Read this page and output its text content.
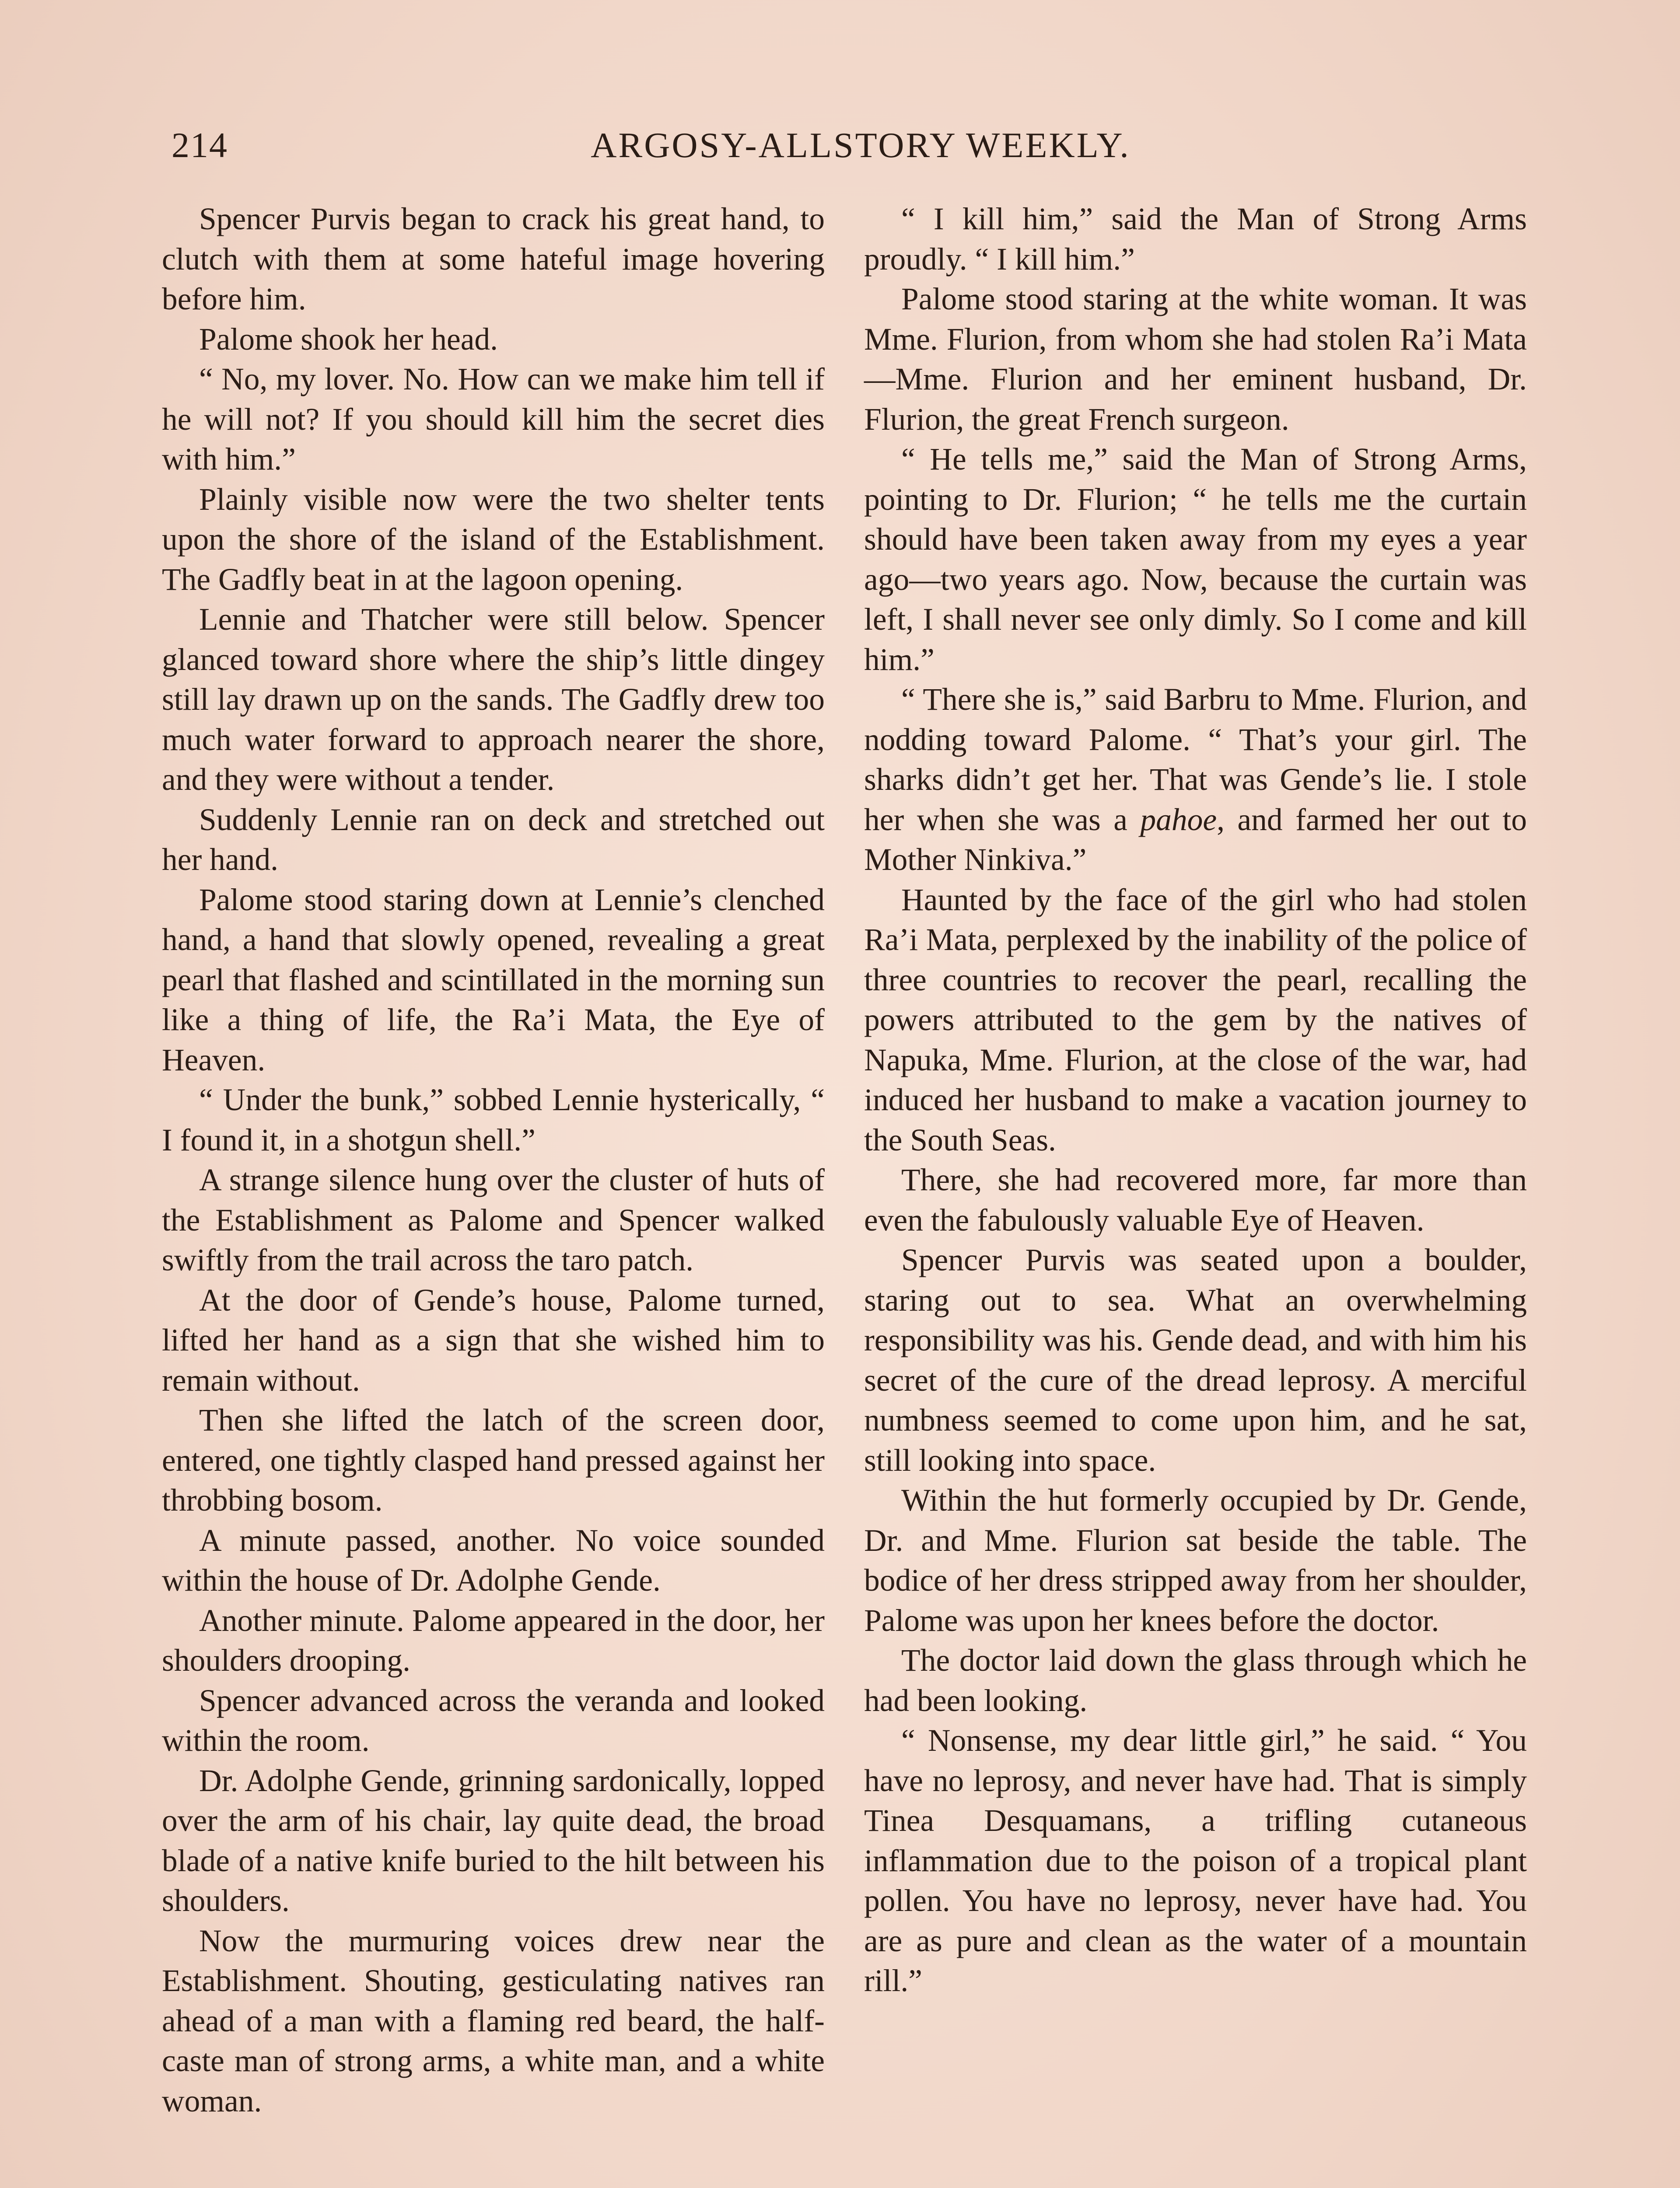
214	ARGOSY-ALLSTORY WEEKLY.

Spencer Purvis began to crack his great hand, to clutch with them at some hateful image hovering before him.

Palome shook her head.

“ No, my lover. No. How can we make him tell if he will not? If you should kill him the secret dies with him.”

Plainly visible now were the two shelter tents upon the shore of the island of the Establishment. The Gadfly beat in at the lagoon opening.

Lennie and Thatcher were still below. Spencer glanced toward shore where the ship’s little dingey still lay drawn up on the sands. The Gadfly drew too much water forward to approach nearer the shore, and they were without a tender.

Suddenly Lennie ran on deck and stretched out her hand.

Palome stood staring down at Lennie’s clenched hand, a hand that slowly opened, revealing a great pearl that flashed and scintillated in the morning sun like a thing of life, the Ra’i Mata, the Eye of Heaven.

“ Under the bunk,” sobbed Lennie hysterically, “ I found it, in a shotgun shell.”

A strange silence hung over the cluster of huts of the Establishment as Palome and Spencer walked swiftly from the trail across the taro patch.

At the door of Gende’s house, Palome turned, lifted her hand as a sign that she wished him to remain without.

Then she lifted the latch of the screen door, entered, one tightly clasped hand pressed against her throbbing bosom.

A minute passed, another. No voice sounded within the house of Dr. Adolphe Gende.

Another minute. Palome appeared in the door, her shoulders drooping.

Spencer advanced across the veranda and looked within the room.

Dr. Adolphe Gende, grinning sardonically, lopped over the arm of his chair, lay quite dead, the broad blade of a native knife buried to the hilt between his shoulders.

Now the murmuring voices drew near the Establishment. Shouting, gesticulating natives ran ahead of a man with a flaming red beard, the half-caste man of strong arms, a white man, and a white woman.

“ I kill him,” said the Man of Strong Arms proudly. “ I kill him.”

Palome stood staring at the white woman. It was Mme. Flurion, from whom she had stolen Ra’i Mata—Mme. Flurion and her eminent husband, Dr. Flurion, the great French surgeon.

“ He tells me,” said the Man of Strong Arms, pointing to Dr. Flurion; “ he tells me the curtain should have been taken away from my eyes a year ago—two years ago. Now, because the curtain was left, I shall never see only dimly. So I come and kill him.”

“ There she is,” said Barbru to Mme. Flurion, and nodding toward Palome. “ That’s your girl. The sharks didn’t get her. That was Gende’s lie. I stole her when she was a pahoe, and farmed her out to Mother Ninkiva.”

Haunted by the face of the girl who had stolen Ra’i Mata, perplexed by the inability of the police of three countries to recover the pearl, recalling the powers attributed to the gem by the natives of Napuka, Mme. Flurion, at the close of the war, had induced her husband to make a vacation journey to the South Seas.

There, she had recovered more, far more than even the fabulously valuable Eye of Heaven.

Spencer Purvis was seated upon a boulder, staring out to sea. What an overwhelming responsibility was his. Gende dead, and with him his secret of the cure of the dread leprosy. A merciful numbness seemed to come upon him, and he sat, still looking into space.

Within the hut formerly occupied by Dr. Gende, Dr. and Mme. Flurion sat beside the table. The bodice of her dress stripped away from her shoulder, Palome was upon her knees before the doctor.

The doctor laid down the glass through which he had been looking.

“ Nonsense, my dear little girl,” he said. “ You have no leprosy, and never have had. That is simply Tinea Desquamans, a trifling cutaneous inflammation due to the poison of a tropical plant pollen. You have no leprosy, never have had. You are as pure and clean as the water of a mountain rill.”
